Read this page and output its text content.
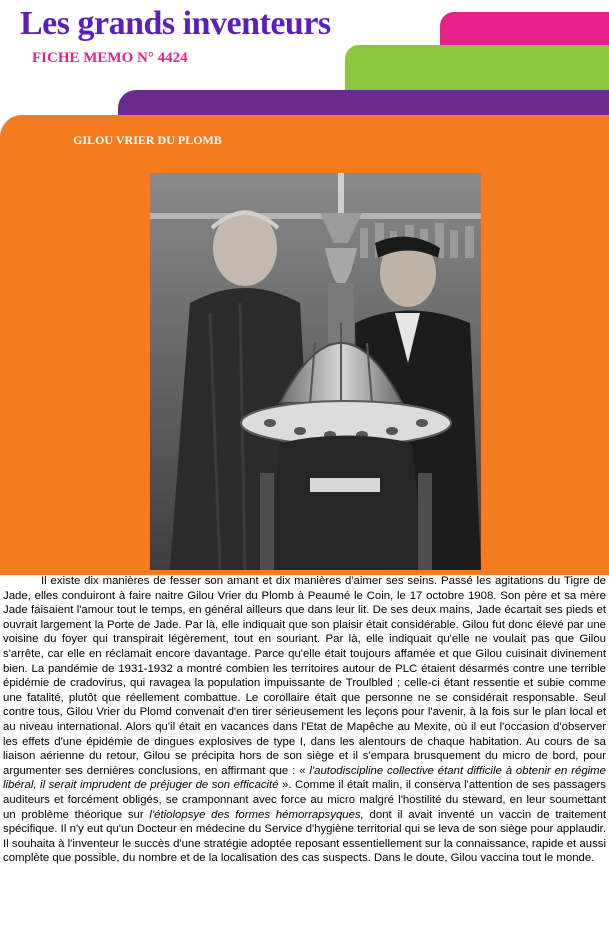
Les grands inventeurs
FICHE MEMO N° 4424
GILOU VRIER DU PLOMB

Il existe dix manières de fesser son amant et dix manières d'aimer ses seins. Passé les agitations du Tigre de Jade, elles conduiront à faire naitre Gilou Vrier du Plomb à Peaumé le Coin, le 17 octobre 1908. Son père et sa mère Jade faisaient l'amour tout le temps, en général ailleurs que dans leur lit. De ses deux mains, Jade écartait ses pieds et ouvrait largement la Porte de Jade. Par là, elle indiquait que son plaisir était considérable. Gilou fut donc élevé par une voisine du foyer qui transpirait légèrement, tout en souriant. Par là, elle indiquait qu'elle ne voulait pas que Gilou s'arrête, car elle en réclamait encore davantage. Parce qu'elle était toujours affamée et que Gilou cuisinait divinement bien. La pandémie de 1931-1932 a montré combien les territoires autour de PLC étaient désarmés contre une terrible épidémie de cradovirus, qui ravagea la population impuissante de Troulbled ; celle-ci étant ressentie et subie comme une fatalité, plutôt que réellement combattue. Le corollaire était que personne ne se considérait responsable. Seul contre tous, Gilou Vrier du Plomd convenait d'en tirer sérieusement les leçons pour l'avenir, à la fois sur le plan local et au niveau international. Alors qu'il était en vacances dans l'Etat de Mapêche au Mexite, où il eut l'occasion d'observer les effets d'une épidémie de dingues explosives de type I, dans les alentours de chaque habitation. Au cours de sa liaison aérienne du retour, Gilou se précipita hors de son siège et il s'empara brusquement du micro de bord, pour argumenter ses dernières conclusions, en affirmant que : « l'autodiscipline collective étant difficile à obtenir en régime libéral, il serait imprudent de préjuger de son efficacité ». Comme il était malin, il conserva l'attention de ses passagers auditeurs et forcément obligés, se cramponnant avec force au micro malgré l'hostilité du steward, en leur soumettant un problème théorique sur l'étiolopsye des formes hémorrapsyques, dont il avait inventé un vaccin de traitement spécifique. Il n'y eut qu'un Docteur en médecine du Service d'hygiène territorial qui se leva de son siège pour applaudir. Il souhaita à l'inventeur le succès d'une stratégie adoptée reposant essentiellement sur la connaissance, rapide et aussi complète que possible, du nombre et de la localisation des cas suspects. Dans le doute, Gilou vaccina tout le monde.
